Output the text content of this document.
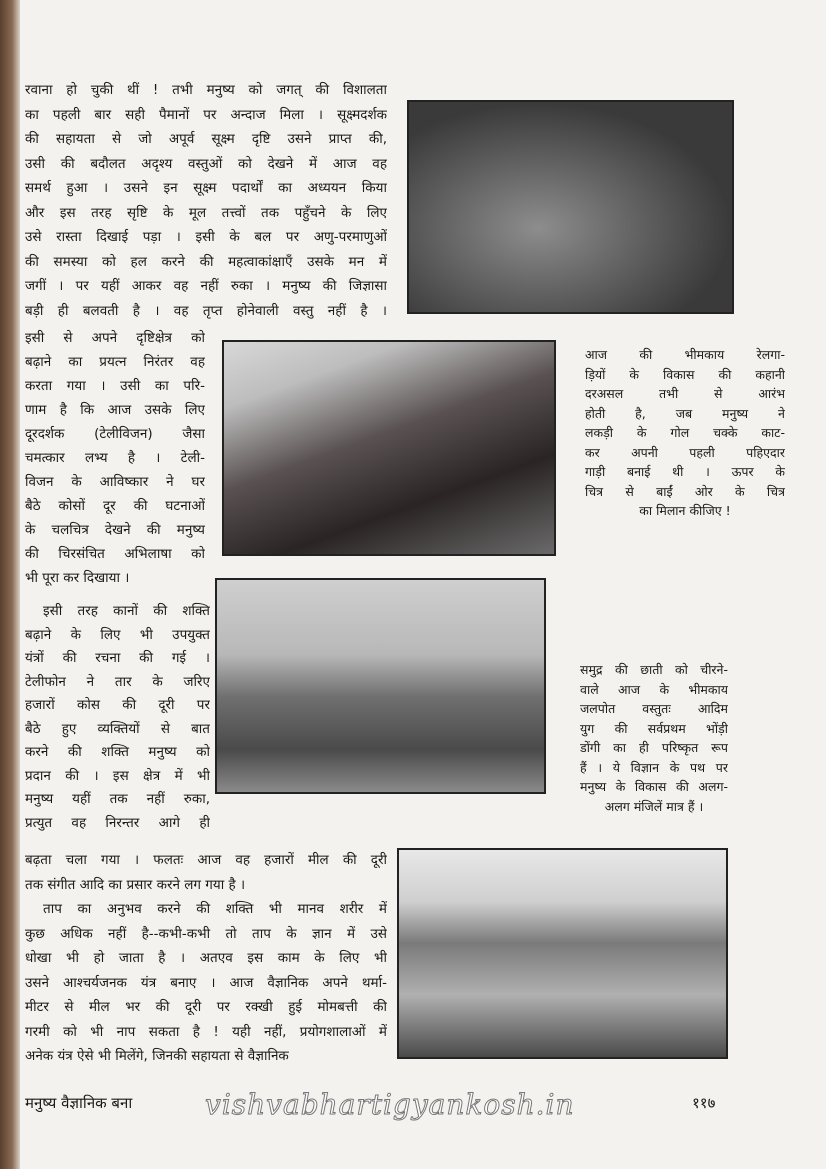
रवाना हो चुकी थीं ! तभी मनुष्य को जगत् की विशालता
का पहली बार सही पैमानों पर अन्दाज मिला । सूक्ष्मदर्शक
की सहायता से जो अपूर्व सूक्ष्म दृष्टि उसने प्राप्त की,
उसी की बदौलत अदृश्य वस्तुओं को देखने में आज वह
समर्थ हुआ । उसने इन सूक्ष्म पदार्थों का अध्ययन किया
और इस तरह सृष्टि के मूल तत्त्वों तक पहुँचने के लिए
उसे रास्ता दिखाई पड़ा । इसी के बल पर अणु-परमाणुओं
की समस्या को हल करने की महत्वाकांक्षाएँ उसके मन में
जगीं । पर यहीं आकर वह नहीं रुका । मनुष्य की जिज्ञासा
बड़ी ही बलवती है । वह तृप्त होनेवाली वस्तु नहीं है ।
इसी से अपने दृष्टिक्षेत्र को
बढ़ाने का प्रयत्न निरंतर वह
करता गया । उसी का परि-
णाम है कि आज उसके लिए
दूरदर्शक (टेलीविजन) जैसा
चमत्कार लभ्य है । टेली-
विजन के आविष्कार ने घर
बैठे कोसों दूर की घटनाओं
के चलचित्र देखने की मनुष्य
की चिरसंचित अभिलाषा को
भी पूरा कर दिखाया ।
आज की भीमकाय रेलगा-
ड़ियों के विकास की कहानी
दरअसल तभी से आरंभ
होती है, जब मनुष्य ने
लकड़ी के गोल चक्के काट-
कर अपनी पहली पहिएदार
गाड़ी बनाई थी । ऊपर के
चित्र से बाईं ओर के चित्र
का मिलान कीजिए !
इसी तरह कानों की शक्ति
बढ़ाने के लिए भी उपयुक्त
यंत्रों की रचना की गई ।
टेलीफोन ने तार के जरिए
हजारों कोस की दूरी पर
बैठे हुए व्यक्तियों से बात
करने की शक्ति मनुष्य को
प्रदान की । इस क्षेत्र में भी
मनुष्य यहीं तक नहीं रुका,
प्रत्युत वह निरन्तर आगे ही
समुद्र की छाती को चीरने-
वाले आज के भीमकाय
जलपोत वस्तुतः आदिम
युग की सर्वप्रथम भोंड़ी
डोंगी का ही परिष्कृत रूप
हैं । ये विज्ञान के पथ पर
मनुष्य के विकास की अलग-
अलग मंजिलें मात्र हैं ।
बढ़ता चला गया । फलतः आज वह हजारों मील की दूरी
तक संगीत आदि का प्रसार करने लग गया है ।
ताप का अनुभव करने की शक्ति भी मानव शरीर में
कुछ अधिक नहीं है--कभी-कभी तो ताप के ज्ञान में उसे
धोखा भी हो जाता है । अतएव इस काम के लिए भी
उसने आश्चर्यजनक यंत्र बनाए । आज वैज्ञानिक अपने थर्मा-
मीटर से मील भर की दूरी पर रक्खी हुई मोमबत्ती की
गरमी को भी नाप सकता है ! यही नहीं, प्रयोगशालाओं में
अनेक यंत्र ऐसे भी मिलेंगे, जिनकी सहायता से वैज्ञानिक
मनुष्य वैज्ञानिक बना	vishvabhartigyankosh.in	११७
